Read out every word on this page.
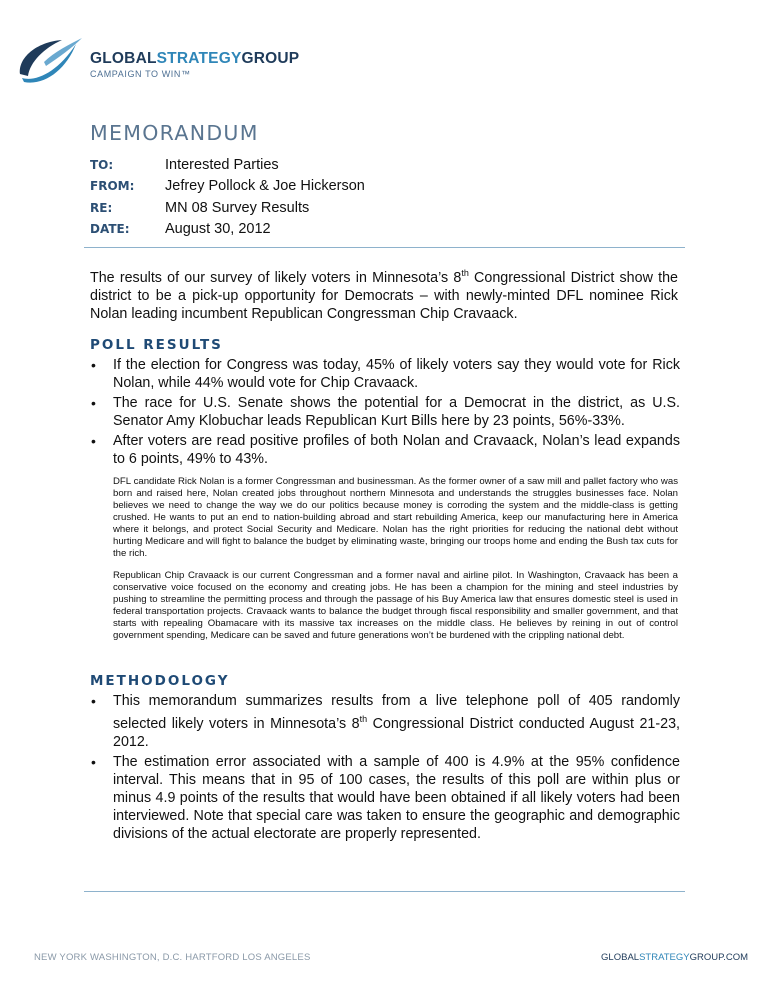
GLOBALSTRATEGYGROUP
CAMPAIGN TO WIN™
MEMORANDUM
TO:	Interested Parties
FROM: Jefrey Pollock & Joe Hickerson
RE:	MN 08 Survey Results
DATE: August 30, 2012
The results of our survey of likely voters in Minnesota’s 8th Congressional District show the district to be a pick-up opportunity for Democrats – with newly-minted DFL nominee Rick Nolan leading incumbent Republican Congressman Chip Cravaack.
POLL RESULTS
• If the election for Congress was today, 45% of likely voters say they would vote for Rick Nolan, while 44% would vote for Chip Cravaack.
• The race for U.S. Senate shows the potential for a Democrat in the district, as U.S. Senator Amy Klobuchar leads Republican Kurt Bills here by 23 points, 56%-33%.
• After voters are read positive profiles of both Nolan and Cravaack, Nolan’s lead expands to 6 points, 49% to 43%.
DFL candidate Rick Nolan is a former Congressman and businessman. As the former owner of a saw mill and pallet factory who was born and raised here, Nolan created jobs throughout northern Minnesota and understands the struggles businesses face. Nolan believes we need to change the way we do our politics because money is corroding the system and the middle-class is getting crushed. He wants to put an end to nation-building abroad and start rebuilding America, keep our manufacturing here in America where it belongs, and protect Social Security and Medicare. Nolan has the right priorities for reducing the national debt without hurting Medicare and will fight to balance the budget by eliminating waste, bringing our troops home and ending the Bush tax cuts for the rich.
Republican Chip Cravaack is our current Congressman and a former naval and airline pilot. In Washington, Cravaack has been a conservative voice focused on the economy and creating jobs. He has been a champion for the mining and steel industries by pushing to streamline the permitting process and through the passage of his Buy America law that ensures domestic steel is used in federal transportation projects. Cravaack wants to balance the budget through fiscal responsibility and smaller government, and that starts with repealing Obamacare with its massive tax increases on the middle class. He believes by reining in out of control government spending, Medicare can be saved and future generations won’t be burdened with the crippling national debt.
METHODOLOGY
• This memorandum summarizes results from a live telephone poll of 405 randomly selected likely voters in Minnesota’s 8th Congressional District conducted August 21-23, 2012.
• The estimation error associated with a sample of 400 is 4.9% at the 95% confidence interval. This means that in 95 of 100 cases, the results of this poll are within plus or minus 4.9 points of the results that would have been obtained if all likely voters had been interviewed. Note that special care was taken to ensure the geographic and demographic divisions of the actual electorate are properly represented.
NEW YORK WASHINGTON, D.C. HARTFORD LOS ANGELES	GLOBALSTRATEGYGROUP.COM
